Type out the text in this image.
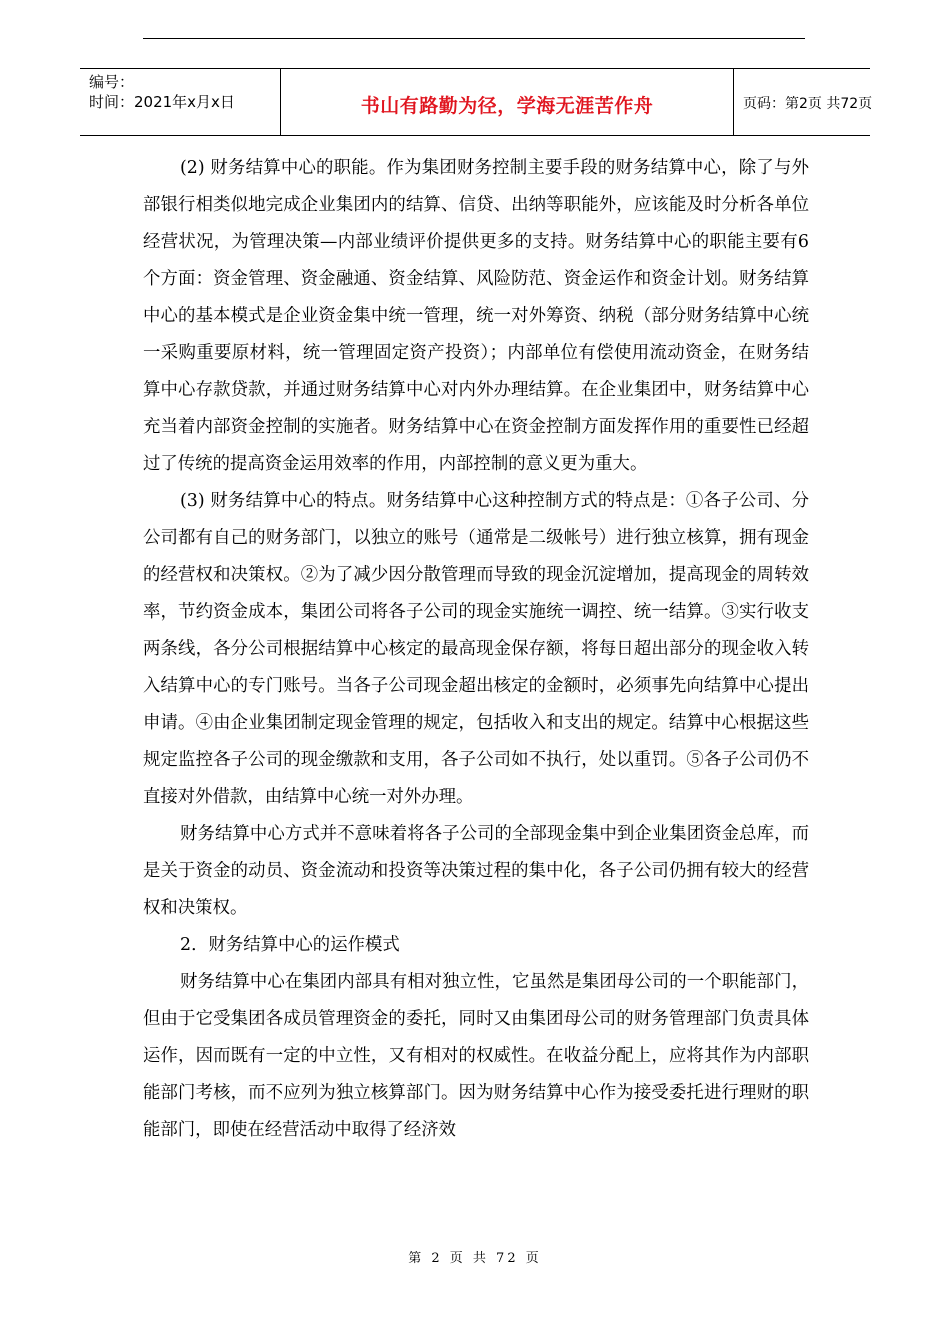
编号：
时间：2021年x月x日	书山有路勤为径，学海无涯苦作舟	页码：第2页 共72页

(2) 财务结算中心的职能。作为集团财务控制主要手段的财务结算中心，除了与外部银行相类似地完成企业集团内的结算、信贷、出纳等职能外，应该能及时分析各单位经营状况，为管理决策—内部业绩评价提供更多的支持。财务结算中心的职能主要有6个方面：资金管理、资金融通、资金结算、风险防范、资金运作和资金计划。财务结算中心的基本模式是企业资金集中统一管理，统一对外筹资、纳税（部分财务结算中心统一采购重要原材料，统一管理固定资产投资）；内部单位有偿使用流动资金，在财务结算中心存款贷款，并通过财务结算中心对内外办理结算。在企业集团中，财务结算中心充当着内部资金控制的实施者。财务结算中心在资金控制方面发挥作用的重要性已经超过了传统的提高资金运用效率的作用，内部控制的意义更为重大。

(3) 财务结算中心的特点。财务结算中心这种控制方式的特点是：①各子公司、分公司都有自己的财务部门，以独立的账号（通常是二级帐号）进行独立核算，拥有现金的经营权和决策权。②为了减少因分散管理而导致的现金沉淀增加，提高现金的周转效率，节约资金成本，集团公司将各子公司的现金实施统一调控、统一结算。③实行收支两条线，各分公司根据结算中心核定的最高现金保存额，将每日超出部分的现金收入转入结算中心的专门账号。当各子公司现金超出核定的金额时，必须事先向结算中心提出申请。④由企业集团制定现金管理的规定，包括收入和支出的规定。结算中心根据这些规定监控各子公司的现金缴款和支用，各子公司如不执行，处以重罚。⑤各子公司仍不直接对外借款，由结算中心统一对外办理。

财务结算中心方式并不意味着将各子公司的全部现金集中到企业集团资金总库，而是关于资金的动员、资金流动和投资等决策过程的集中化，各子公司仍拥有较大的经营权和决策权。

2．财务结算中心的运作模式

财务结算中心在集团内部具有相对独立性，它虽然是集团母公司的一个职能部门，但由于它受集团各成员管理资金的委托，同时又由集团母公司的财务管理部门负责具体运作，因而既有一定的中立性，又有相对的权威性。在收益分配上，应将其作为内部职能部门考核，而不应列为独立核算部门。因为财务结算中心作为接受委托进行理财的职能部门，即使在经营活动中取得了经济效

第 2 页 共 72 页
